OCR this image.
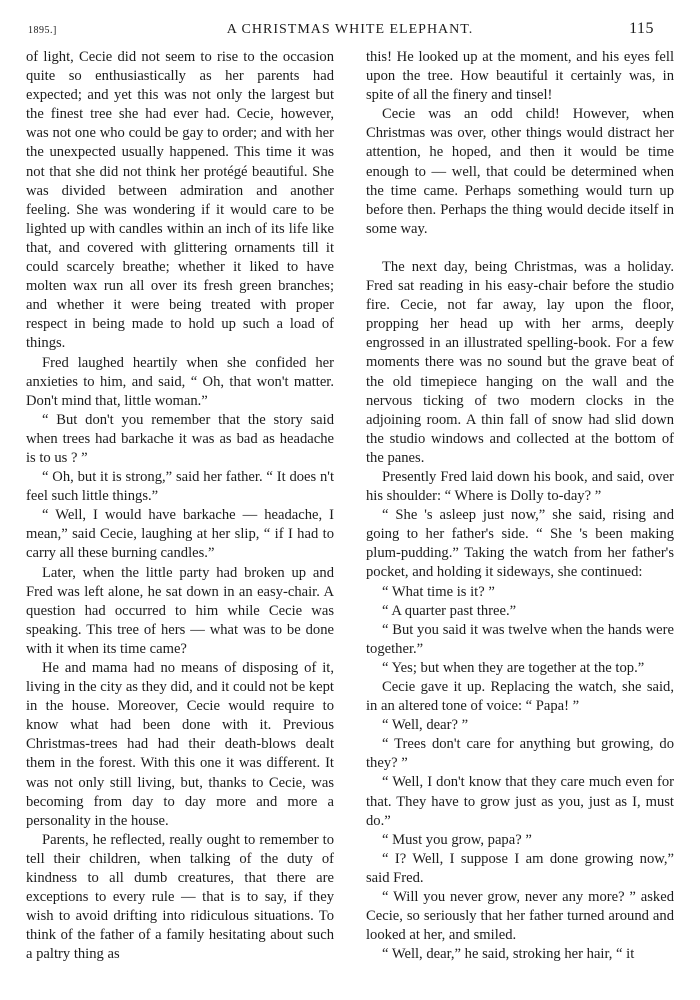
1895.]	A CHRISTMAS WHITE ELEPHANT.	115

of light, Cecie did not seem to rise to the occasion quite so enthusiastically as her parents had expected; and yet this was not only the largest but the finest tree she had ever had. Cecie, however, was not one who could be gay to order; and with her the unexpected usually happened. This time it was not that she did not think her protégé beautiful. She was divided between admiration and another feeling. She was wondering if it would care to be lighted up with candles within an inch of its life like that, and covered with glittering ornaments till it could scarcely breathe; whether it liked to have molten wax run all over its fresh green branches; and whether it were being treated with proper respect in being made to hold up such a load of things.

Fred laughed heartily when she confided her anxieties to him, and said, “ Oh, that won't matter. Don't mind that, little woman.”

“ But don't you remember that the story said when trees had barkache it was as bad as headache is to us ? ”

“ Oh, but it is strong,” said her father. “ It does n't feel such little things.”

“ Well, I would have barkache — headache, I mean,” said Cecie, laughing at her slip, “ if I had to carry all these burning candles.”

Later, when the little party had broken up and Fred was left alone, he sat down in an easy-chair. A question had occurred to him while Cecie was speaking. This tree of hers — what was to be done with it when its time came?

He and mama had no means of disposing of it, living in the city as they did, and it could not be kept in the house. Moreover, Cecie would require to know what had been done with it. Previous Christmas-trees had had their death-blows dealt them in the forest. With this one it was different. It was not only still living, but, thanks to Cecie, was becoming from day to day more and more a personality in the house.

Parents, he reflected, really ought to remember to tell their children, when talking of the duty of kindness to all dumb creatures, that there are exceptions to every rule — that is to say, if they wish to avoid drifting into ridiculous situations. To think of the father of a family hesitating about such a paltry thing as

this! He looked up at the moment, and his eyes fell upon the tree. How beautiful it certainly was, in spite of all the finery and tinsel!

Cecie was an odd child! However, when Christmas was over, other things would distract her attention, he hoped, and then it would be time enough to — well, that could be determined when the time came. Perhaps something would turn up before then. Perhaps the thing would decide itself in some way.

The next day, being Christmas, was a holiday. Fred sat reading in his easy-chair before the studio fire. Cecie, not far away, lay upon the floor, propping her head up with her arms, deeply engrossed in an illustrated spelling-book. For a few moments there was no sound but the grave beat of the old timepiece hanging on the wall and the nervous ticking of two modern clocks in the adjoining room. A thin fall of snow had slid down the studio windows and collected at the bottom of the panes.

Presently Fred laid down his book, and said, over his shoulder: “ Where is Dolly to-day? ”

“ She 's asleep just now,” she said, rising and going to her father's side. “ She 's been making plum-pudding.” Taking the watch from her father's pocket, and holding it sideways, she continued:

“ What time is it? ”

“ A quarter past three.”

“ But you said it was twelve when the hands were together.”

“ Yes; but when they are together at the top.”

Cecie gave it up. Replacing the watch, she said, in an altered tone of voice: “ Papa! ”

“ Well, dear? ”

“ Trees don't care for anything but growing, do they? ”

“ Well, I don't know that they care much even for that. They have to grow just as you, just as I, must do.”

“ Must you grow, papa? ”

“ I? Well, I suppose I am done growing now,” said Fred.

“ Will you never grow, never any more? ” asked Cecie, so seriously that her father turned around and looked at her, and smiled.

“ Well, dear,” he said, stroking her hair, “ it
